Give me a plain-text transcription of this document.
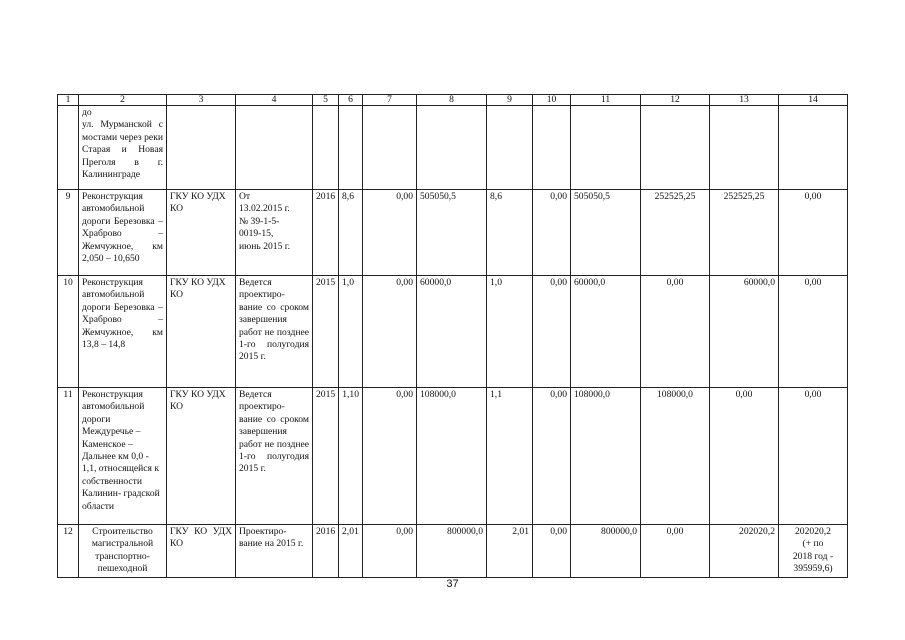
1	2	3	4	5	6	7	8	9	10	11	12	13	14
	до
ул. Мурманской с мостами через реки Старая и Новая Преголя в г. Калининграде												
9	Реконструкция автомобильной дороги Березовка – Храброво – Жемчужное, км 2,050 – 10,650	ГКУ КО УДХ КО	От
13.02.2015 г.
№ 39-1-5-
0019-15,
июнь 2015 г.	2016	8,6	0,00	505050,5	8,6	0,00	505050,5	252525,25	252525,25	0,00
10	Реконструкция автомобильной дороги Березовка – Храброво – Жемчужное, км 13,8 – 14,8	ГКУ КО УДХ КО	Ведется проектиро- вание со сроком завершения работ не позднее 1-го полугодия 2015 г.	2015	1,0	0,00	60000,0	1,0	0,00	60000,0	0,00	60000,0	0,00
11	Реконструкция автомобильной дороги Междуречье – Каменское – Дальнее км 0,0 - 1,1, относящейся к собственности Калинин- градской области	ГКУ КО УДХ КО	Ведется проектиро- вание со сроком завершения работ не позднее 1-го полугодия 2015 г.	2015	1,10	0,00	108000,0	1,1	0,00	108000,0	108000,0	0,00	0,00
12	Строительство магистральной транспортно- пешеходной	ГКУ КО УДХ КО	Проектиро- вание на 2015 г.	2016	2,01	0,00	800000,0	2,01	0,00	800000,0	0,00	202020,2	202020,2
(+ по
2018 год -
395959,6)
37
